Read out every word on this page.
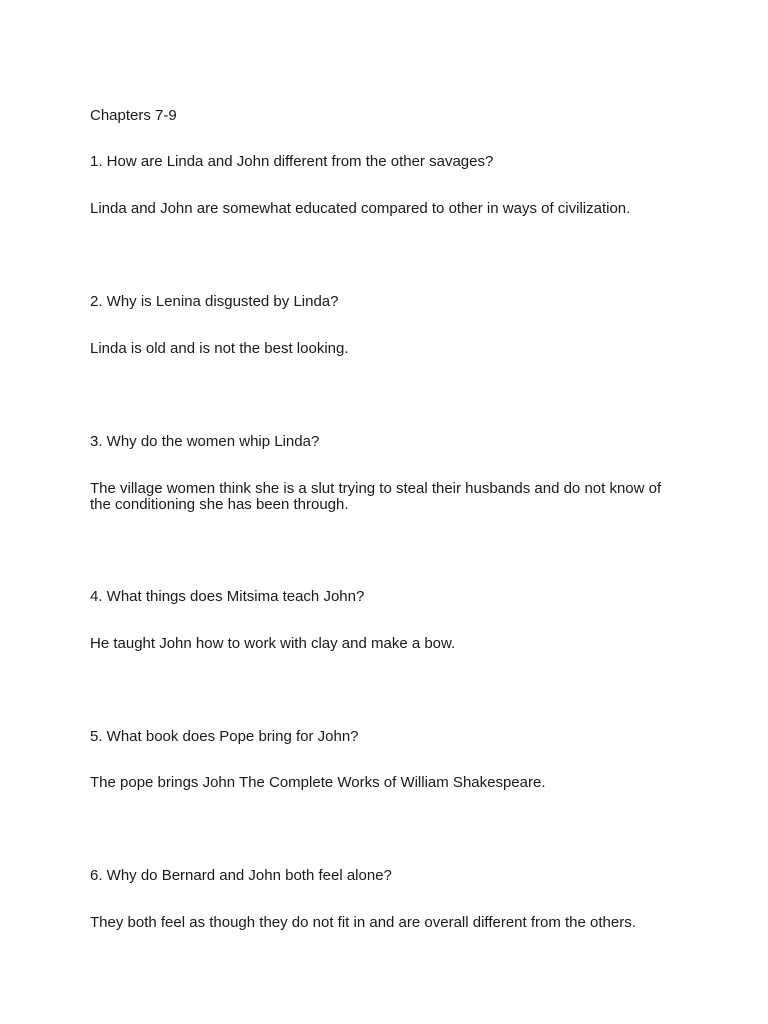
Chapters 7-9

1. How are Linda and John different from the other savages?

Linda and John are somewhat educated compared to other in ways of civilization.

2. Why is Lenina disgusted by Linda?

Linda is old and is not the best looking.

3. Why do the women whip Linda?

The village women think she is a slut trying to steal their husbands and do not know of the conditioning she has been through.

4. What things does Mitsima teach John?

He taught John how to work with clay and make a bow.

5. What book does Pope bring for John?

The pope brings John The Complete Works of William Shakespeare.

6. Why do Bernard and John both feel alone?

They both feel as though they do not fit in and are overall different from the others.
